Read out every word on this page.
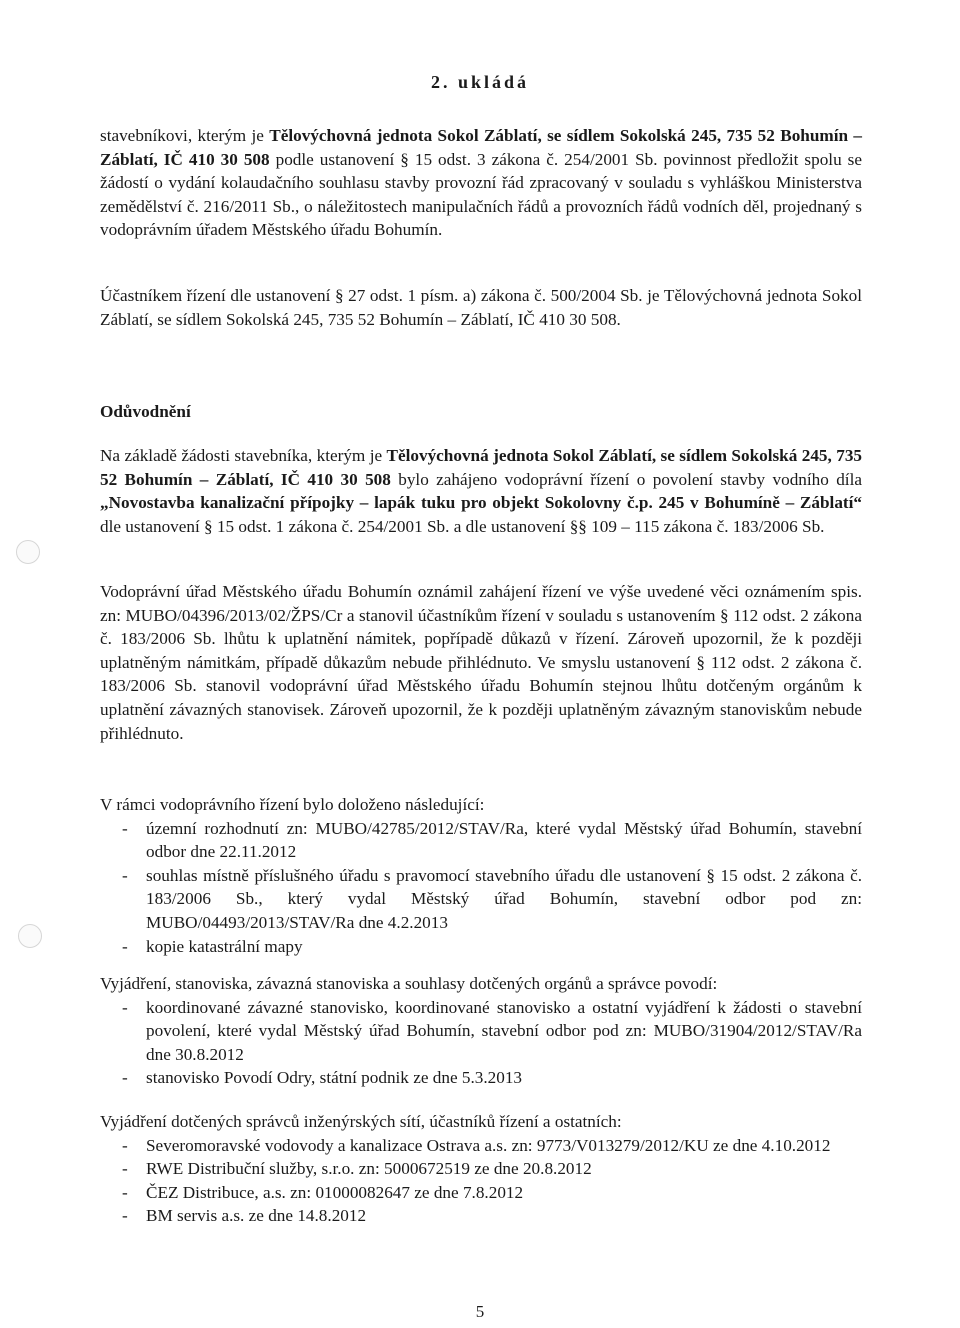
2. ukládá

stavebníkovi, kterým je Tělovýchovná jednota Sokol Záblatí, se sídlem Sokolská 245, 735 52 Bohumín – Záblatí, IČ 410 30 508 podle ustanovení § 15 odst. 3 zákona č. 254/2001 Sb. povinnost předložit spolu se žádostí o vydání kolaudačního souhlasu stavby provozní řád zpracovaný v souladu s vyhláškou Ministerstva zemědělství č. 216/2011 Sb., o náležitostech manipulačních řádů a provozních řádů vodních děl, projednaný s vodoprávním úřadem Městského úřadu Bohumín.

Účastníkem řízení dle ustanovení § 27 odst. 1 písm. a) zákona č. 500/2004 Sb. je Tělovýchovná jednota Sokol Záblatí, se sídlem Sokolská 245, 735 52 Bohumín – Záblatí, IČ 410 30 508.

Odůvodnění

Na základě žádosti stavebníka, kterým je Tělovýchovná jednota Sokol Záblatí, se sídlem Sokolská 245, 735 52 Bohumín – Záblatí, IČ 410 30 508 bylo zahájeno vodoprávní řízení o povolení stavby vodního díla „Novostavba kanalizační přípojky – lapák tuku pro objekt Sokolovny č.p. 245 v Bohumíně – Záblatí“ dle ustanovení § 15 odst. 1 zákona č. 254/2001 Sb. a dle ustanovení §§ 109 – 115 zákona č. 183/2006 Sb.

Vodoprávní úřad Městského úřadu Bohumín oznámil zahájení řízení ve výše uvedené věci oznámením spis. zn: MUBO/04396/2013/02/ŽPS/Cr a stanovil účastníkům řízení v souladu s ustanovením § 112 odst. 2 zákona č. 183/2006 Sb. lhůtu k uplatnění námitek, popřípadě důkazů v řízení. Zároveň upozornil, že k později uplatněným námitkám, případě důkazům nebude přihlédnuto. Ve smyslu ustanovení § 112 odst. 2 zákona č. 183/2006 Sb. stanovil vodoprávní úřad Městského úřadu Bohumín stejnou lhůtu dotčeným orgánům k uplatnění závazných stanovisek. Zároveň upozornil, že k později uplatněným závazným stanoviskům nebude přihlédnuto.

V rámci vodoprávního řízení bylo doloženo následující:
- územní rozhodnutí zn: MUBO/42785/2012/STAV/Ra, které vydal Městský úřad Bohumín, stavební odbor dne 22.11.2012
- souhlas místně příslušného úřadu s pravomocí stavebního úřadu dle ustanovení § 15 odst. 2 zákona č. 183/2006 Sb., který vydal Městský úřad Bohumín, stavební odbor pod zn: MUBO/04493/2013/STAV/Ra dne 4.2.2013
- kopie katastrální mapy
Vyjádření, stanoviska, závazná stanoviska a souhlasy dotčených orgánů a správce povodí:
- koordinované závazné stanovisko, koordinované stanovisko a ostatní vyjádření k žádosti o stavební povolení, které vydal Městský úřad Bohumín, stavební odbor pod zn: MUBO/31904/2012/STAV/Ra dne 30.8.2012
- stanovisko Povodí Odry, státní podnik ze dne 5.3.2013
Vyjádření dotčených správců inženýrských sítí, účastníků řízení a ostatních:
- Severomoravské vodovody a kanalizace Ostrava a.s. zn: 9773/V013279/2012/KU ze dne 4.10.2012
- RWE Distribuční služby, s.r.o. zn: 5000672519 ze dne 20.8.2012
- ČEZ Distribuce, a.s. zn: 01000082647 ze dne 7.8.2012
- BM servis a.s. ze dne 14.8.2012
5
